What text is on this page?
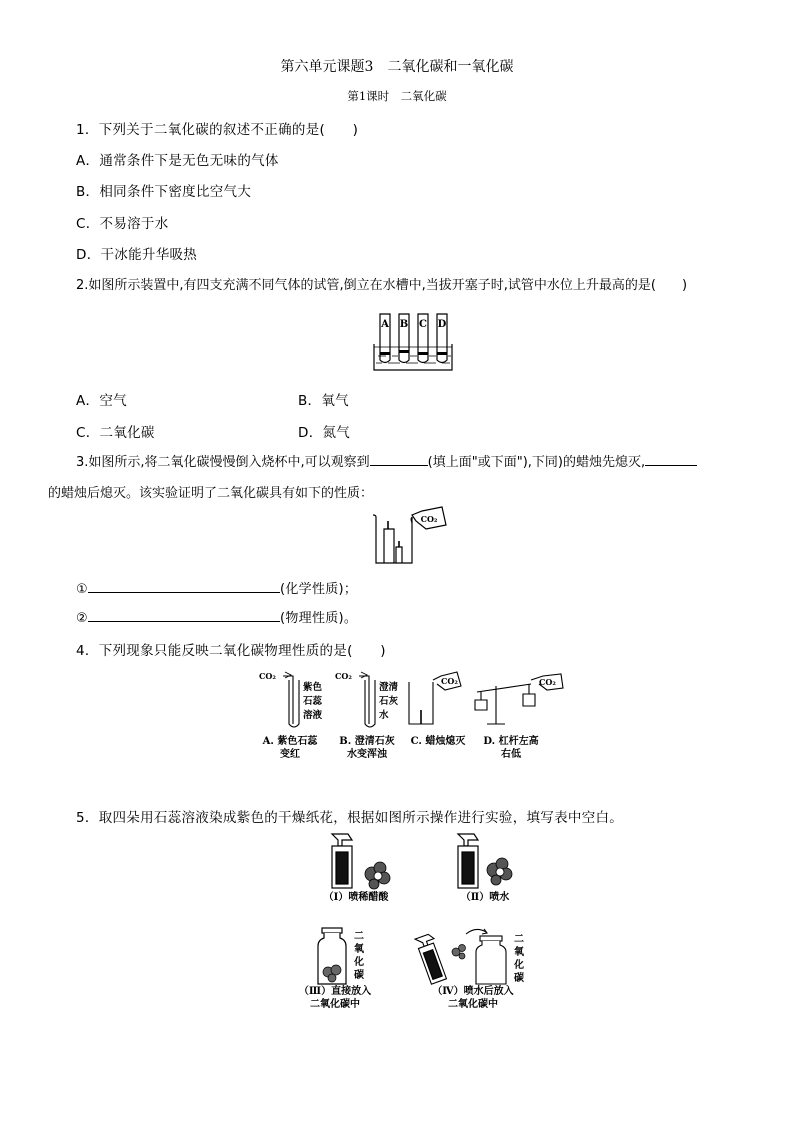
第六单元课题3　二氧化碳和一氧化碳
第1课时　二氧化碳
1．下列关于二氧化碳的叙述不正确的是(　　)
A．通常条件下是无色无味的气体
B．相同条件下密度比空气大
C．不易溶于水
D．干冰能升华吸热
2.如图所示装置中,有四支充满不同气体的试管,倒立在水槽中,当拔开塞子时,试管中水位上升最高的是(　　)
A B C D
A．空气	B．氧气
C．二氧化碳	D．氮气
3.如图所示,将二氧化碳慢慢倒入烧杯中,可以观察到	(填上面"或下面"),下同)的蜡烛先熄灭,
的蜡烛后熄灭。该实验证明了二氧化碳具有如下的性质：
CO₂
①	(化学性质)；
②	(物理性质)。
4．下列现象只能反映二氧化碳物理性质的是(　　)
CO₂	CO₂	CO₂	CO₂
紫色
石蕊
溶液
澄清
石灰
水
A. 紫色石蕊
变红
B. 澄清石灰
水变浑浊
C. 蜡烛熄灭	D. 杠杆左高
右低
5．取四朵用石蕊溶液染成紫色的干燥纸花，根据如图所示操作进行实验，填写表中空白。
（Ⅰ）喷稀醋酸	（Ⅱ）喷水
二
氧
化
碳
（Ⅲ）直接放入
二氧化碳中
二
氧
化
碳
（Ⅳ）喷水后放入
二氧化碳中
